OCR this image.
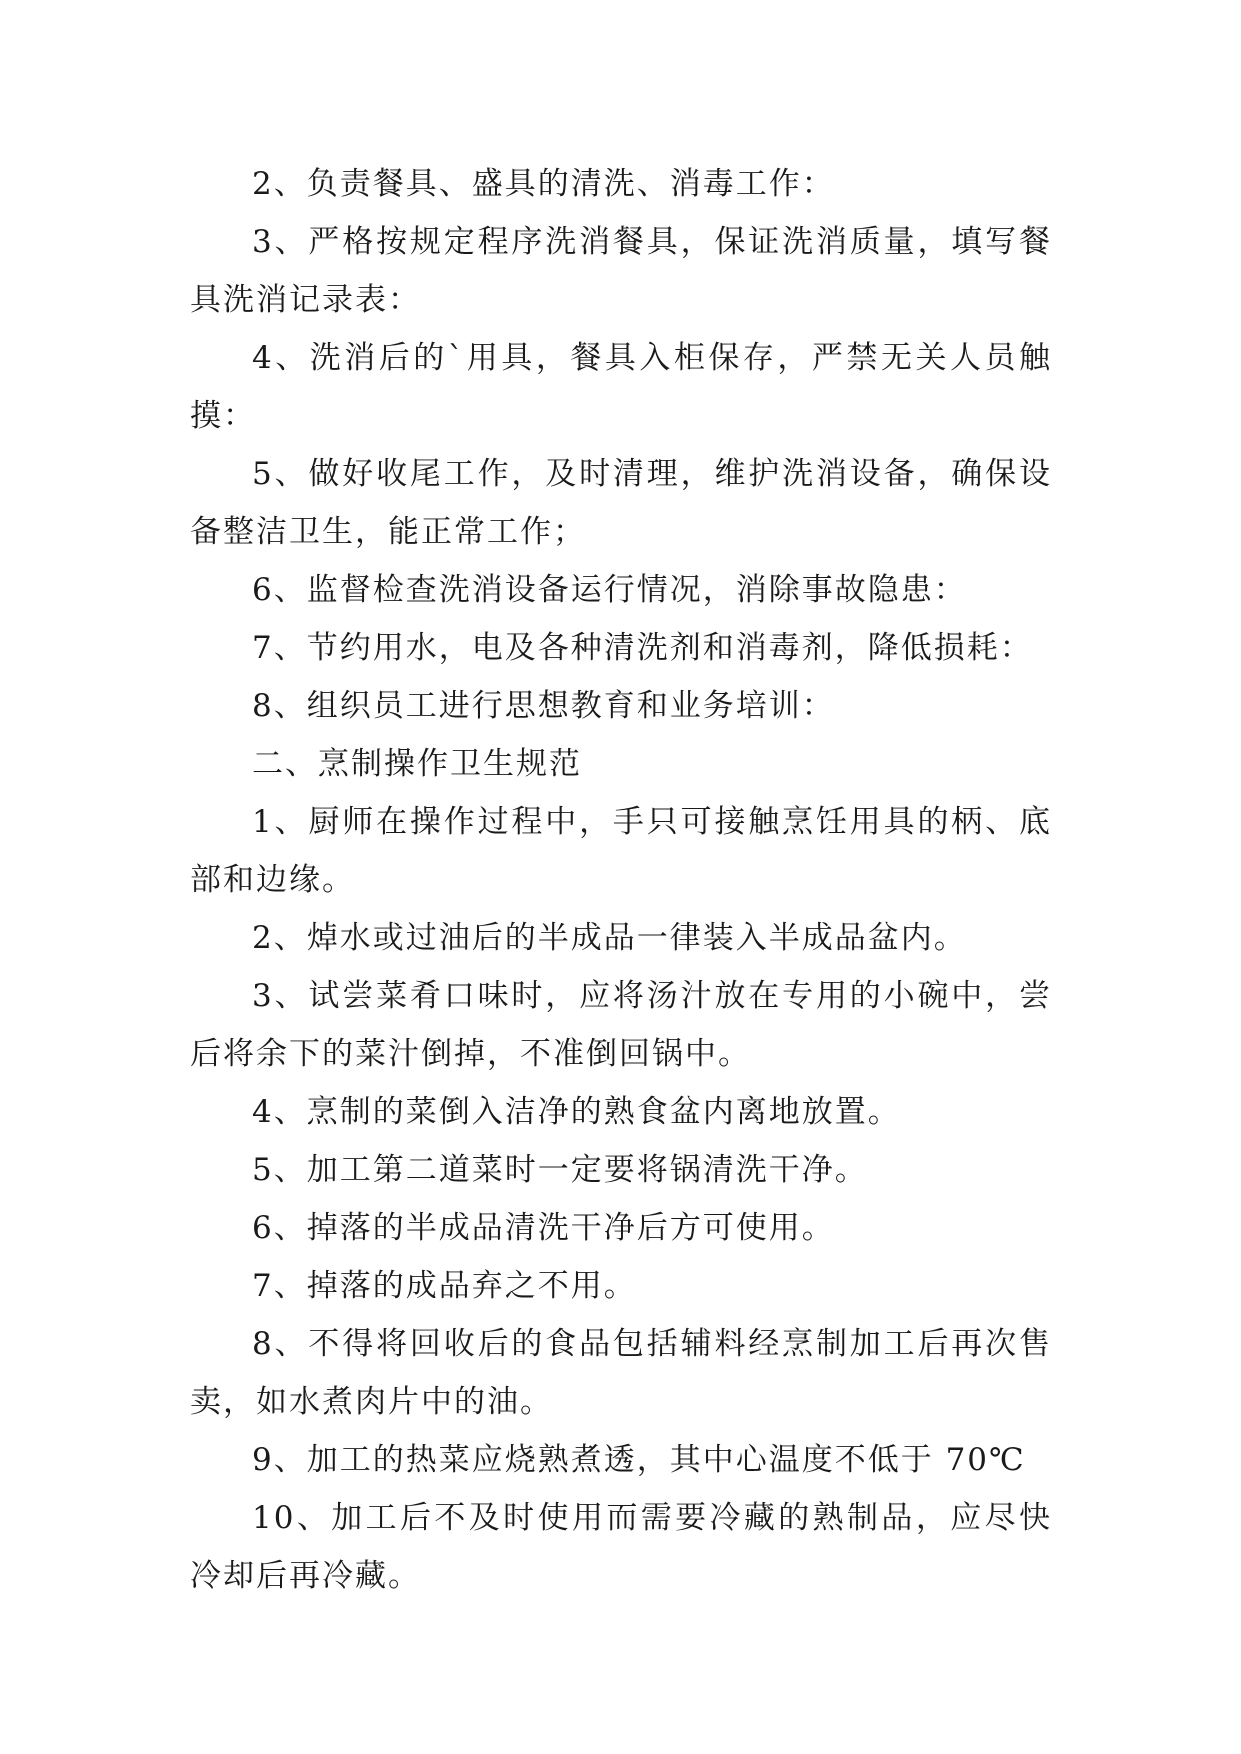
2、负责餐具、盛具的清洗、消毒工作：

3、严格按规定程序洗消餐具，保证洗消质量，填写餐具洗消记录表：

4、洗消后的`用具，餐具入柜保存，严禁无关人员触摸：

5、做好收尾工作，及时清理，维护洗消设备，确保设备整洁卫生，能正常工作；

6、监督检查洗消设备运行情况，消除事故隐患：

7、节约用水，电及各种清洗剂和消毒剂，降低损耗：

8、组织员工进行思想教育和业务培训：

二、烹制操作卫生规范

1、厨师在操作过程中，手只可接触烹饪用具的柄、底部和边缘。

2、焯水或过油后的半成品一律装入半成品盆内。

3、试尝菜肴口味时，应将汤汁放在专用的小碗中，尝后将余下的菜汁倒掉，不准倒回锅中。

4、烹制的菜倒入洁净的熟食盆内离地放置。

5、加工第二道菜时一定要将锅清洗干净。

6、掉落的半成品清洗干净后方可使用。

7、掉落的成品弃之不用。

8、不得将回收后的食品包括辅料经烹制加工后再次售卖，如水煮肉片中的油。

9、加工的热菜应烧熟煮透，其中心温度不低于 70℃

10、加工后不及时使用而需要冷藏的熟制品，应尽快冷却后再冷藏。
